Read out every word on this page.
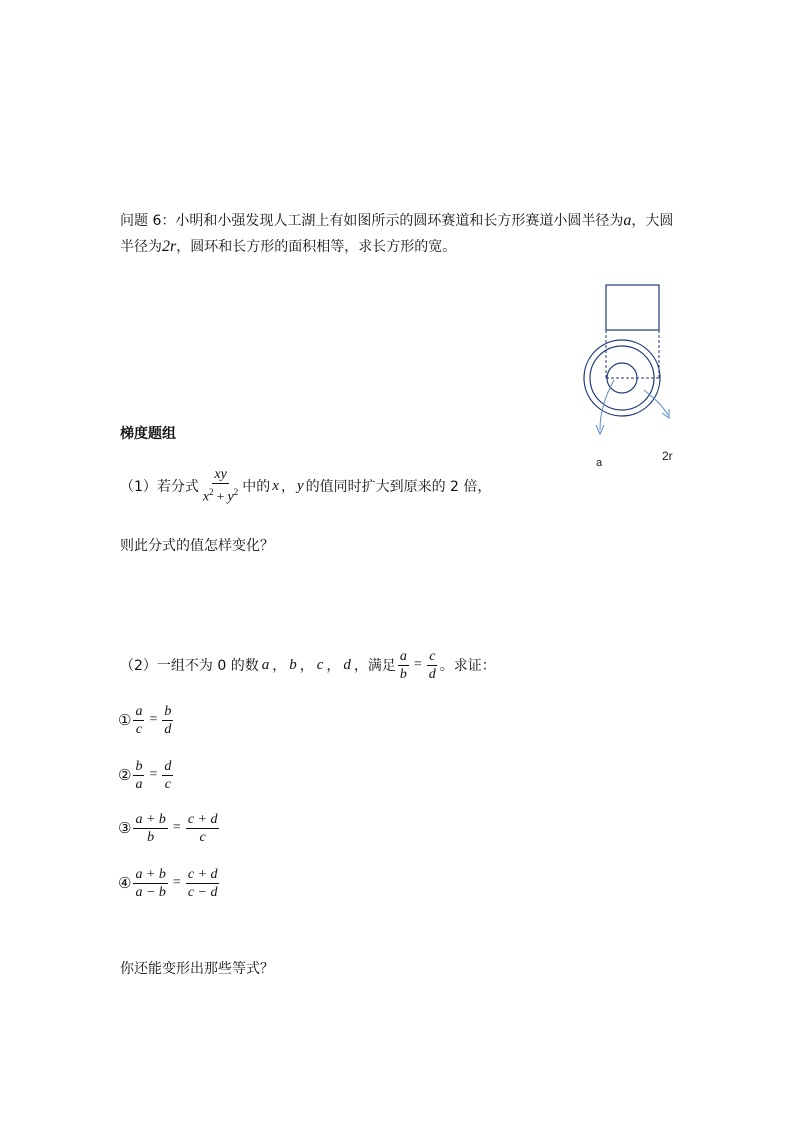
问题 6：小明和小强发现人工湖上有如图所示的圆环赛道和长方形赛道小圆半径为a，大圆
半径为2r，圆环和长方形的面积相等，求长方形的宽。
a	2r
梯度题组
（1）若分式 $\frac{xy}{x^2 + y^2}$ 中的 x ， y 的值同时扩大到原来的 2 倍，
则此分式的值怎样变化？
（2）一组不为 0 的数 a ， b ， c ， d ，满足 $\frac{a}{b} = \frac{c}{d}$ 。求证：
① $\frac{a}{c} = \frac{b}{d}$
② $\frac{b}{a} = \frac{d}{c}$
③ $\frac{a + b}{b} = \frac{c + d}{c}$
④ $\frac{a + b}{a - b} = \frac{c + d}{c - d}$
你还能变形出那些等式？
